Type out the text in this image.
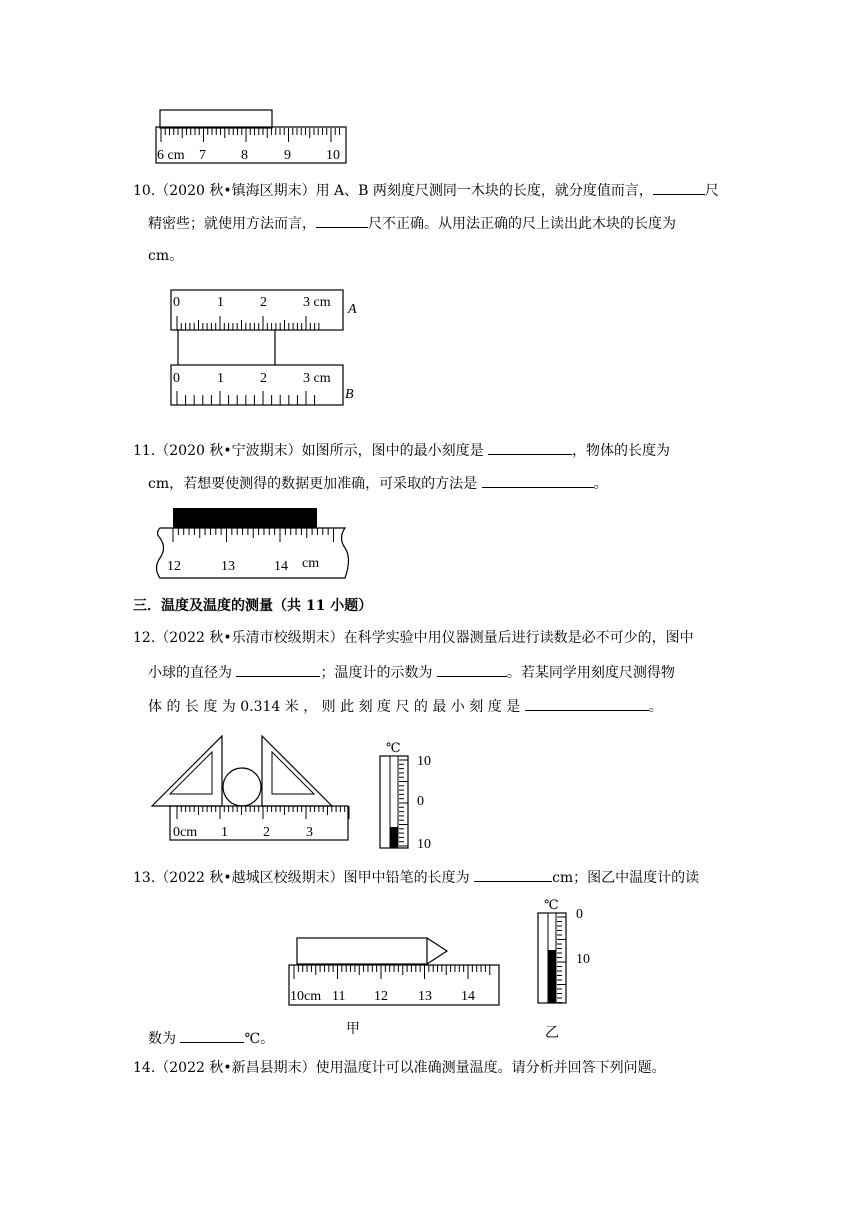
6 cm 7	8	9	10
10.（2020 秋•镇海区期末）用 A、B 两刻度尺测同一木块的长度，就分度值而言，	尺
精密些；就使用方法而言，	尺不正确。从用法正确的尺上读出此木块的长度为
cm。
0	1	2	3 cm
0	1	2	3 cm
A
B
11.（2020 秋•宁波期末）如图所示，图中的最小刻度是	，物体的长度为
cm，若想要使测得的数据更加准确，可采取的方法是	。
12	13	14 cm
三．温度及温度的测量（共 11 小题）
12.（2022 秋•乐清市校级期末）在科学实验中用仪器测量后进行读数是必不可少的，图中
小球的直径为	；温度计的示数为	。若某同学用刻度尺测得物
体 的 长 度 为 0.314 米 ， 则 此 刻 度 尺 的 最 小 刻 度 是	。
0cm 1	2	3
℃
10
0
10
13.（2022 秋•越城区校级期末）图甲中铅笔的长度为	cm；图乙中温度计的读
10cm 11 12 13 14
℃
0
10
数为	℃。
甲	乙
14.（2022 秋•新昌县期末）使用温度计可以准确测量温度。请分析并回答下列问题。
